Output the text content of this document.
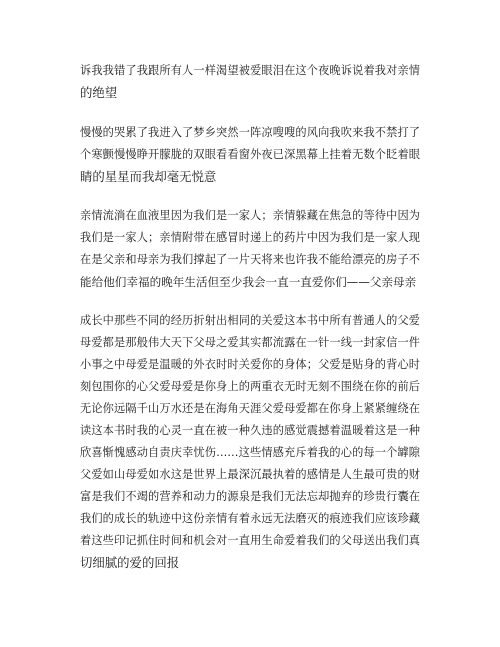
诉我我错了我跟所有人一样渴望被爱眼泪在这个夜晚诉说着我对亲情
的绝望
慢慢的哭累了我进入了梦乡突然一阵凉嗖嗖的风向我吹来我不禁打了
个寒颤慢慢睁开朦胧的双眼看看窗外夜已深黑幕上挂着无数个眨着眼
睛的星星而我却毫无悦意
亲情流淌在血液里因为我们是一家人；亲情躲藏在焦急的等待中因为
我们是一家人；亲情附带在感冒时递上的药片中因为我们是一家人现
在是父亲和母亲为我们撑起了一片天将来也许我不能给漂亮的房子不
能给他们幸福的晚年生活但至少我会一直一直爱你们——父亲母亲
成长中那些不同的经历折射出相同的关爱这本书中所有普通人的父爱
母爱都是那般伟大天下父母之爱其实都流露在一针一线一封家信一件
小事之中母爱是温暖的外衣时时关爱你的身体；父爱是贴身的背心时
刻包围你的心父爱母爱是你身上的两重衣无时无刻不围绕在你的前后
无论你远隔千山万水还是在海角天涯父爱母爱都在你身上紧紧缠绕在
读这本书时我的心灵一直在被一种久违的感觉震撼着温暖着这是一种
欣喜惭愧感动自责庆幸忧伤……这些情感充斥着我的心的每一个罅隙
父爱如山母爱如水这是世界上最深沉最执着的感情是人生最可贵的财
富是我们不竭的营养和动力的源泉是我们无法忘却抛弃的珍贵行囊在
我们的成长的轨迹中这份亲情有着永远无法磨灭的痕迹我们应该珍藏
着这些印记抓住时间和机会对一直用生命爱着我们的父母送出我们真
切细腻的爱的回报
